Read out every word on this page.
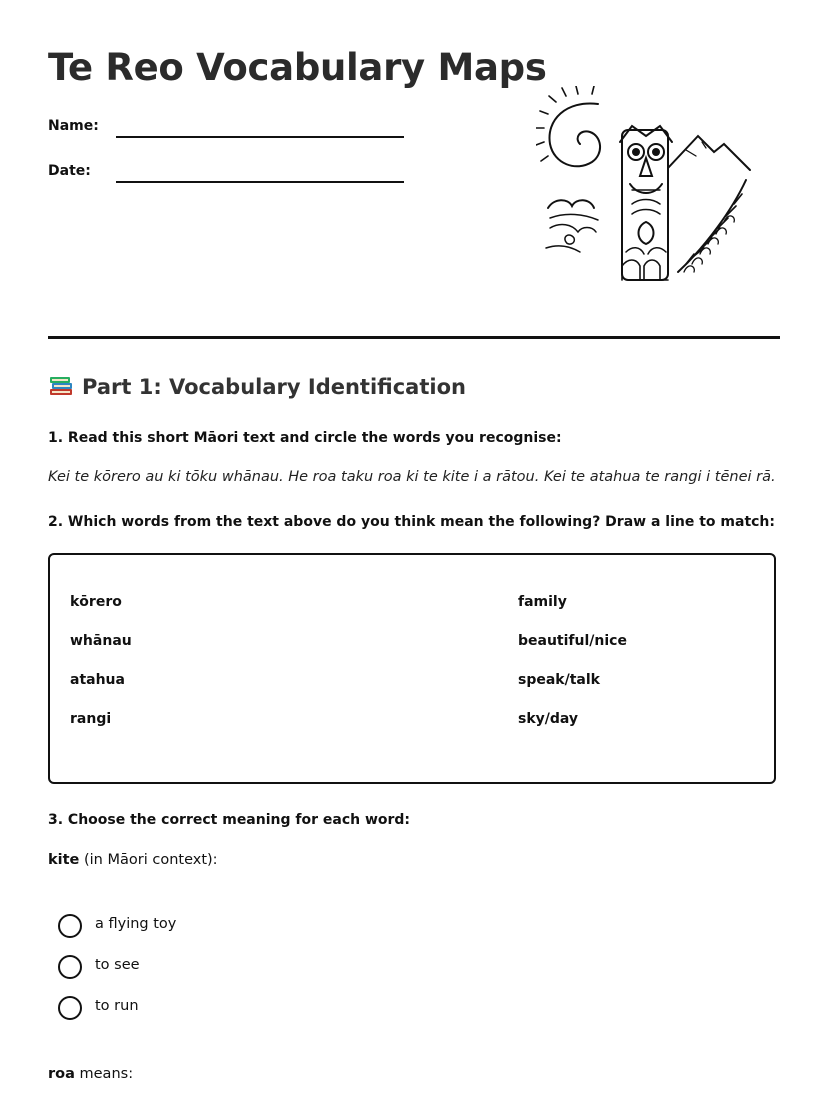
Te Reo Vocabulary Maps
Name:
Date:
Part 1: Vocabulary Identification
1. Read this short Māori text and circle the words you recognise:
Kei te kōrero au ki tōku whānau. He roa taku roa ki te kite i a rātou. Kei te atahua te rangi i tēnei rā.
2. Which words from the text above do you think mean the following? Draw a line to match:
kōrero	family
whānau	beautiful/nice
atahua	speak/talk
rangi	sky/day
3. Choose the correct meaning for each word:
kite (in Māori context):
a flying toy
to see
to run
roa means:
